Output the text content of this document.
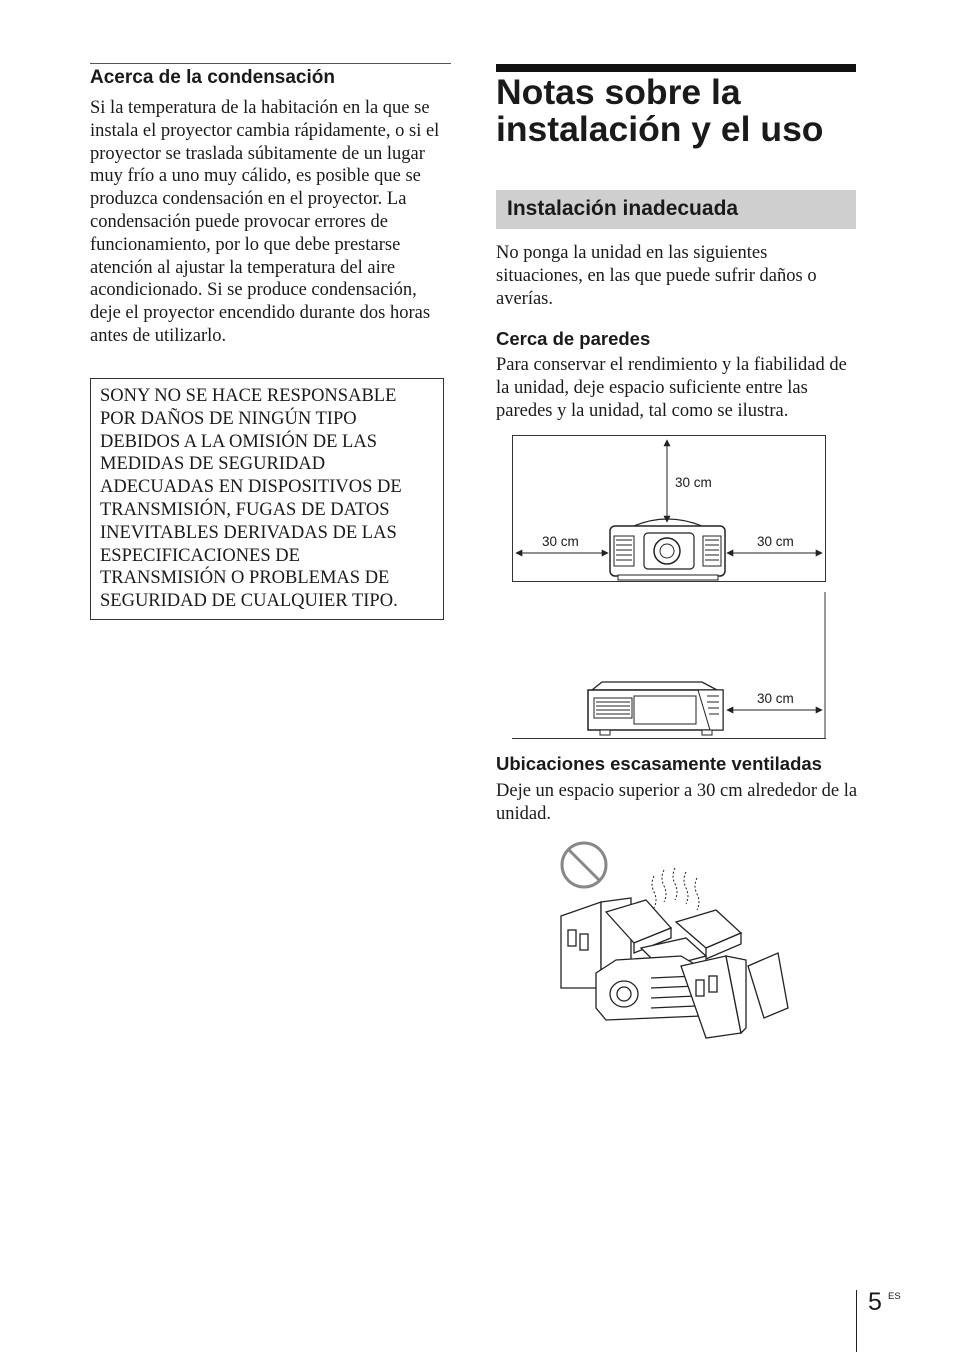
Acerca de la condensación
Si la temperatura de la habitación en la que se instala el proyector cambia rápidamente, o si el proyector se traslada súbitamente de un lugar muy frío a uno muy cálido, es posible que se produzca condensación en el proyector. La condensación puede provocar errores de funcionamiento, por lo que debe prestarse atención al ajustar la temperatura del aire acondicionado. Si se produce condensación, deje el proyector encendido durante dos horas antes de utilizarlo.
SONY NO SE HACE RESPONSABLE
POR DAÑOS DE NINGÚN TIPO
DEBIDOS A LA OMISIÓN DE LAS
MEDIDAS DE SEGURIDAD
ADECUADAS EN DISPOSITIVOS DE
TRANSMISIÓN, FUGAS DE DATOS
INEVITABLES DERIVADAS DE LAS
ESPECIFICACIONES DE
TRANSMISIÓN O PROBLEMAS DE
SEGURIDAD DE CUALQUIER TIPO.
Notas sobre la instalación y el uso
Instalación inadecuada
No ponga la unidad en las siguientes situaciones, en las que puede sufrir daños o averías.
Cerca de paredes
Para conservar el rendimiento y la fiabilidad de la unidad, deje espacio suficiente entre las paredes y la unidad, tal como se ilustra.
30 cm
30 cm	30 cm
30 cm
Ubicaciones escasamente ventiladas
Deje un espacio superior a 30 cm alrededor de la unidad.
5 ES
